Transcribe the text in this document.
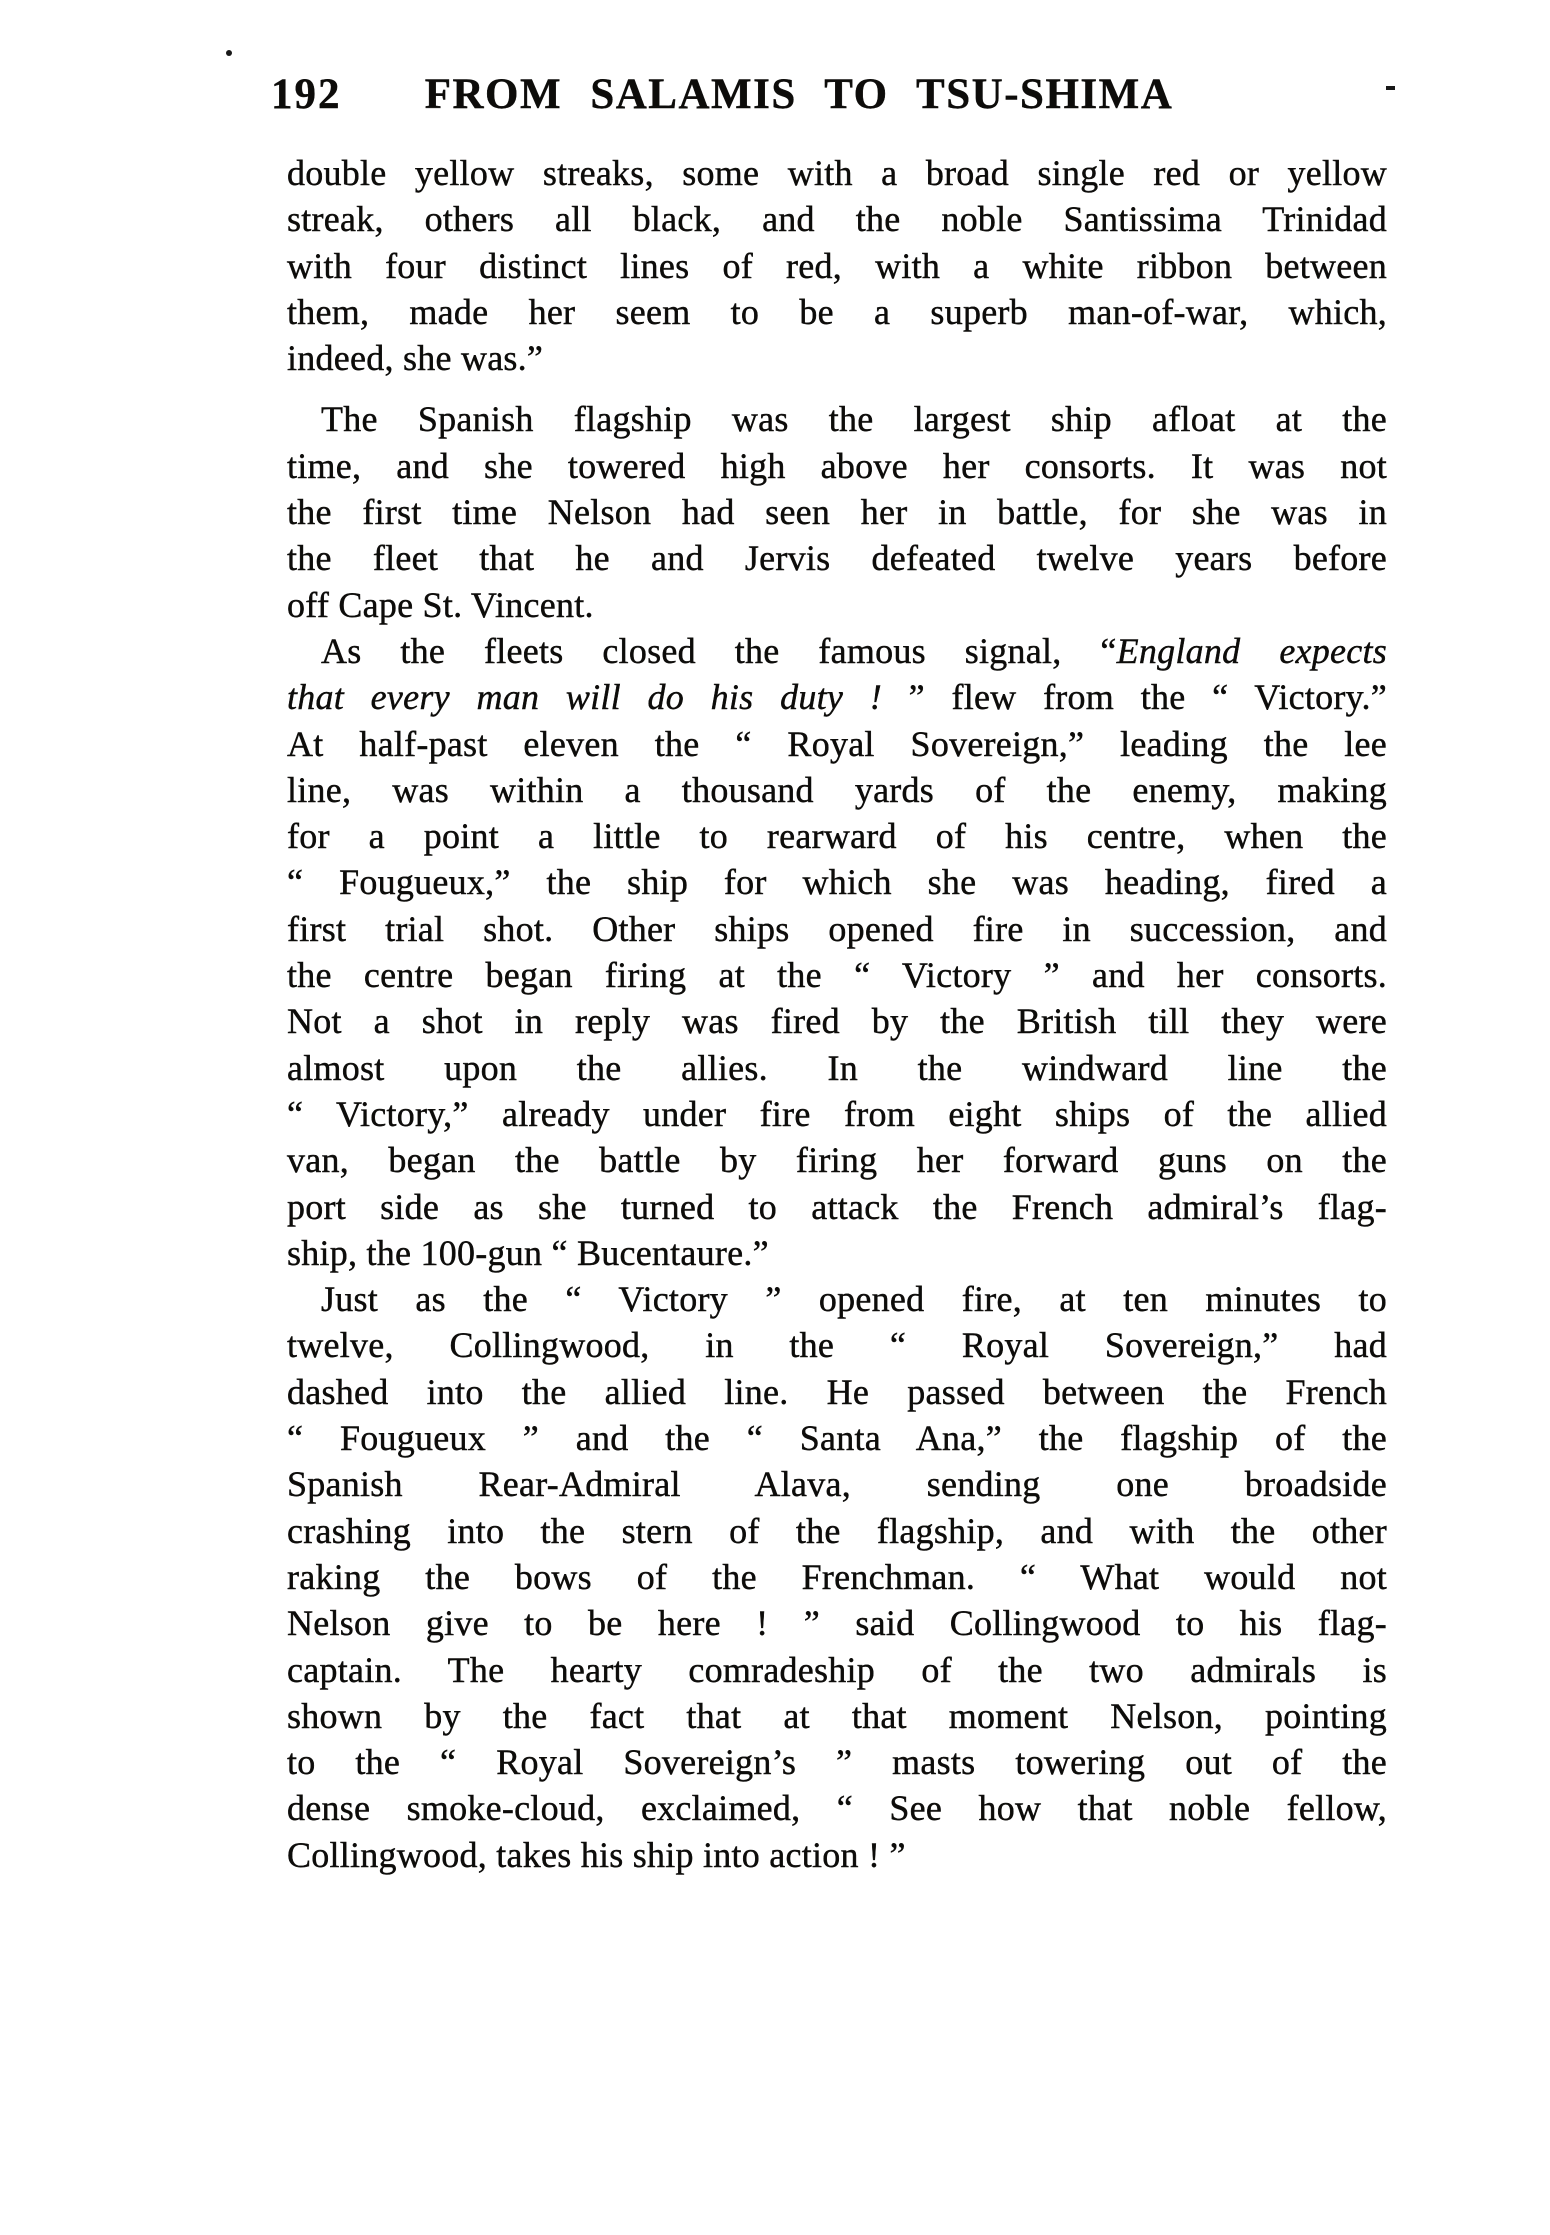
192 FROM SALAMIS TO TSU-SHIMA
double yellow streaks, some with a broad single red or yellow
streak, others all black, and the noble Santissima Trinidad
with four distinct lines of red, with a white ribbon between
them, made her seem to be a superb man-of-war, which,
indeed, she was.”
The Spanish flagship was the largest ship afloat at the
time, and she towered high above her consorts. It was not
the first time Nelson had seen her in battle, for she was in
the fleet that he and Jervis defeated twelve years before
off Cape St. Vincent.
As the fleets closed the famous signal, “England expects
that every man will do his duty ! ” flew from the “ Victory.”
At half-past eleven the “ Royal Sovereign,” leading the lee
line, was within a thousand yards of the enemy, making
for a point a little to rearward of his centre, when the
“ Fougueux,” the ship for which she was heading, fired a
first trial shot. Other ships opened fire in succession, and
the centre began firing at the “ Victory ” and her consorts.
Not a shot in reply was fired by the British till they were
almost upon the allies. In the windward line the
“ Victory,” already under fire from eight ships of the allied
van, began the battle by firing her forward guns on the
port side as she turned to attack the French admiral’s flag-
ship, the 100-gun “ Bucentaure.”
Just as the “ Victory ” opened fire, at ten minutes to
twelve, Collingwood, in the “ Royal Sovereign,” had
dashed into the allied line. He passed between the French
“ Fougueux ” and the “ Santa Ana,” the flagship of the
Spanish Rear-Admiral Alava, sending one broadside
crashing into the stern of the flagship, and with the other
raking the bows of the Frenchman. “ What would not
Nelson give to be here ! ” said Collingwood to his flag-
captain. The hearty comradeship of the two admirals is
shown by the fact that at that moment Nelson, pointing
to the “ Royal Sovereign’s ” masts towering out of the
dense smoke-cloud, exclaimed, “ See how that noble fellow,
Collingwood, takes his ship into action ! ”
